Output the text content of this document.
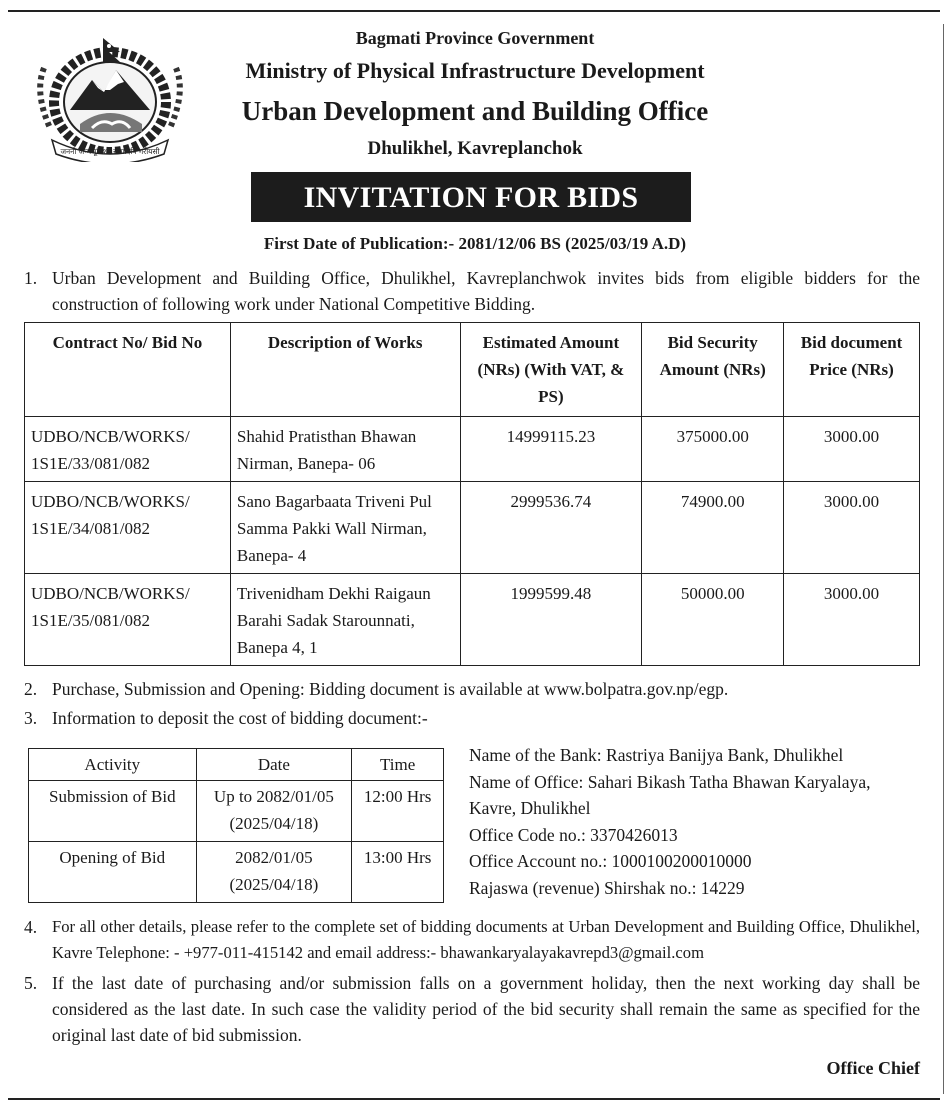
जननी जन्मभूमिश्च स्वर्गादपि गरीयसी
Bagmati Province Government
Ministry of Physical Infrastructure Development
Urban Development and Building Office
Dhulikhel, Kavreplanchok
INVITATION FOR BIDS
First Date of Publication:- 2081/12/06 BS (2025/03/19 A.D)
1. Urban Development and Building Office, Dhulikhel, Kavreplanchwok invites bids from eligible bidders for the construction of following work under National Competitive Bidding.
Contract No/ Bid No	Description of Works	Estimated Amount (NRs) (With VAT, & PS)	Bid Security Amount (NRs)	Bid document Price (NRs)
UDBO/NCB/WORKS/ 1S1E/33/081/082	Shahid Pratisthan Bhawan Nirman, Banepa- 06	14999115.23	375000.00	3000.00
UDBO/NCB/WORKS/ 1S1E/34/081/082	Sano Bagarbaata Triveni Pul Samma Pakki Wall Nirman, Banepa- 4	2999536.74	74900.00	3000.00
UDBO/NCB/WORKS/ 1S1E/35/081/082	Trivenidham Dekhi Raigaun Barahi Sadak Starounnati, Banepa 4, 1	1999599.48	50000.00	3000.00
2. Purchase, Submission and Opening: Bidding document is available at www.bolpatra.gov.np/egp.
3. Information to deposit the cost of bidding document:-
Activity	Date	Time
Submission of Bid	Up to 2082/01/05 (2025/04/18)	12:00 Hrs
Opening of Bid	2082/01/05 (2025/04/18)	13:00 Hrs
Name of the Bank: Rastriya Banijya Bank, Dhulikhel
Name of Office: Sahari Bikash Tatha Bhawan Karyalaya,
Kavre, Dhulikhel
Office Code no.: 3370426013
Office Account no.: 1000100200010000
Rajaswa (revenue) Shirshak no.: 14229
4. For all other details, please refer to the complete set of bidding documents at Urban Development and Building Office, Dhulikhel, Kavre Telephone: - +977-011-415142 and email address:- bhawankaryalayakavrepd3@gmail.com
5. If the last date of purchasing and/or submission falls on a government holiday, then the next working day shall be considered as the last date. In such case the validity period of the bid security shall remain the same as specified for the original last date of bid submission.
Office Chief
